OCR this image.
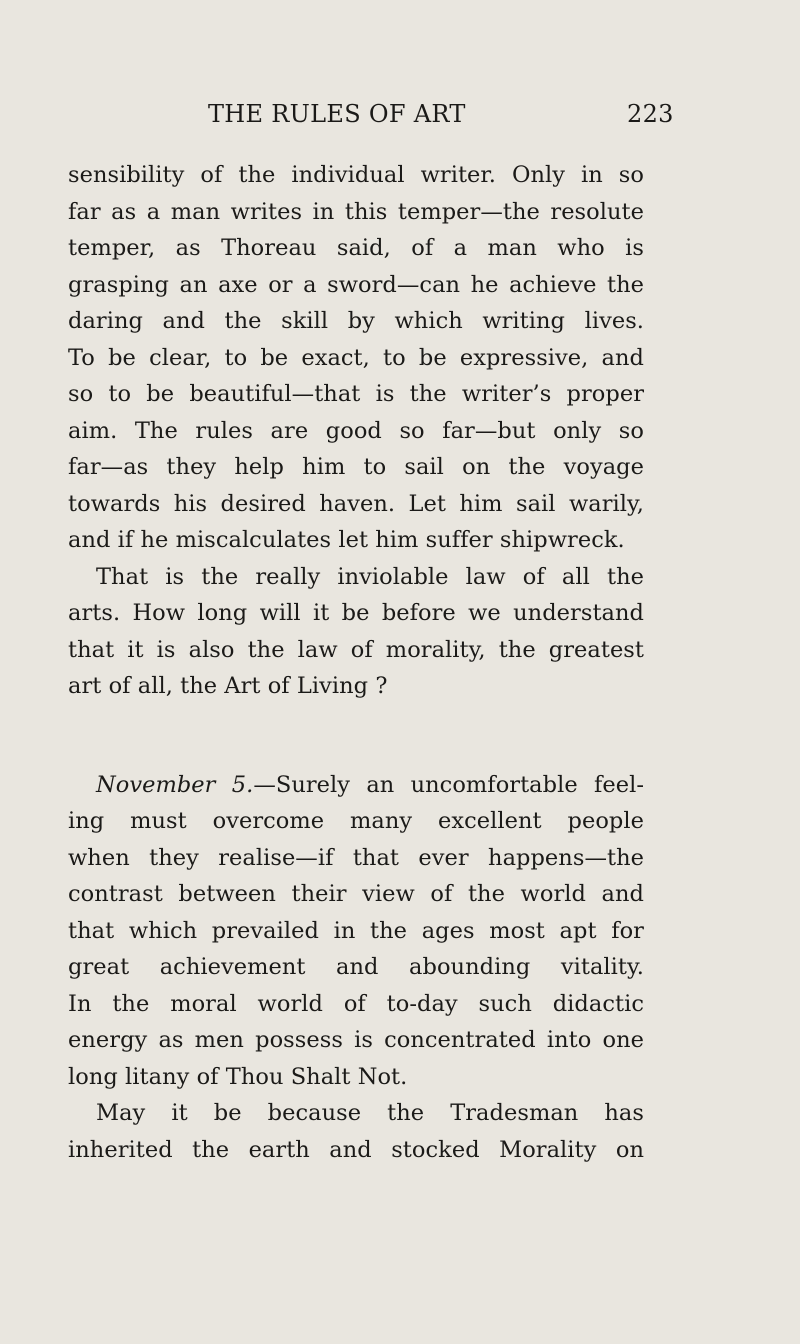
THE RULES OF ART	223
sensibility of the individual writer. Only in so
far as a man writes in this temper—the resolute
temper, as Thoreau said, of a man who is
grasping an axe or a sword—can he achieve the
daring and the skill by which writing lives.
To be clear, to be exact, to be expressive, and
so to be beautiful—that is the writer’s proper
aim. The rules are good so far—but only so
far—as they help him to sail on the voyage
towards his desired haven. Let him sail warily,
and if he miscalculates let him suffer shipwreck.
That is the really inviolable law of all the
arts. How long will it be before we understand
that it is also the law of morality, the greatest
art of all, the Art of Living ?
November 5.—Surely an uncomfortable feel-
ing must overcome many excellent people
when they realise—if that ever happens—the
contrast between their view of the world and
that which prevailed in the ages most apt for
great achievement and abounding vitality.
In the moral world of to-day such didactic
energy as men possess is concentrated into one
long litany of Thou Shalt Not.
May it be because the Tradesman has
inherited the earth and stocked Morality on
